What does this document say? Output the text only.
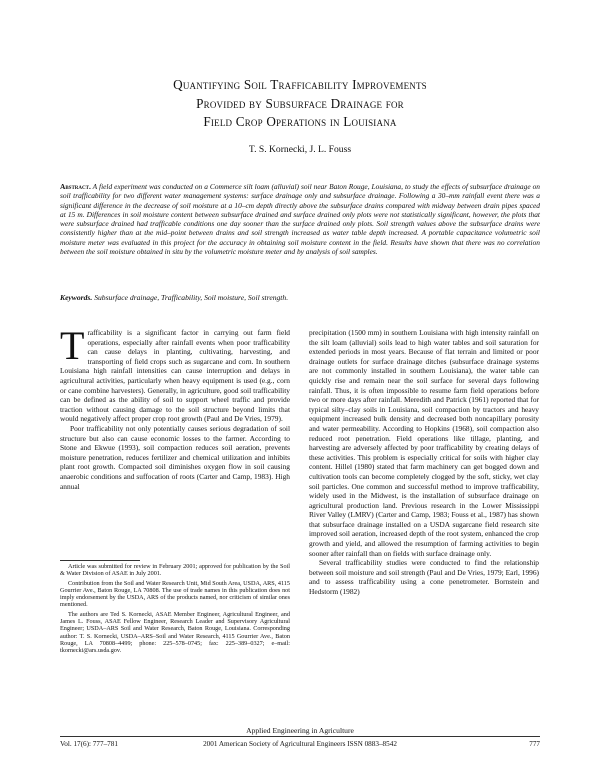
Quantifying Soil Trafficability Improvements
Provided by Subsurface Drainage for
Field Crop Operations in Louisiana
T. S. Kornecki, J. L. Fouss
Abstract. A field experiment was conducted on a Commerce silt loam (alluvial) soil near Baton Rouge, Louisiana, to study the effects of subsurface drainage on soil trafficability for two different water management systems: surface drainage only and subsurface drainage. Following a 30–mm rainfall event there was a significant difference in the decrease of soil moisture at a 10–cm depth directly above the subsurface drains compared with midway between drain pipes spaced at 15 m. Differences in soil moisture content between subsurface drained and surface drained only plots were not statistically significant, however, the plots that were subsurface drained had trafficable conditions one day sooner than the surface drained only plots. Soil strength values above the subsurface drains were consistently higher than at the mid–point between drains and soil strength increased as water table depth increased. A portable capacitance volumetric soil moisture meter was evaluated in this project for the accuracy in obtaining soil moisture content in the field. Results have shown that there was no correlation between the soil moisture obtained in situ by the volumetric moisture meter and by analysis of soil samples.
Keywords. Subsurface drainage, Trafficability, Soil moisture, Soil strength.

Trafficability is a significant factor in carrying out farm field operations, especially after rainfall events when poor trafficability can cause delays in planting, cultivating, harvesting, and transporting of field crops such as sugarcane and corn. In southern Louisiana high rainfall intensities can cause interruption and delays in agricultural activities, particularly when heavy equipment is used (e.g., corn or cane combine harvesters). Generally, in agriculture, good soil trafficability can be defined as the ability of soil to support wheel traffic and provide traction without causing damage to the soil structure beyond limits that would negatively affect proper crop root growth (Paul and De Vries, 1979).

Poor trafficability not only potentially causes serious degradation of soil structure but also can cause economic losses to the farmer. According to Stone and Ekwue (1993), soil compaction reduces soil aeration, prevents moisture penetration, reduces fertilizer and chemical utilization and inhibits plant root growth. Compacted soil diminishes oxygen flow in soil causing anaerobic conditions and suffocation of roots (Carter and Camp, 1983). High annual

precipitation (1500 mm) in southern Louisiana with high intensity rainfall on the silt loam (alluvial) soils lead to high water tables and soil saturation for extended periods in most years. Because of flat terrain and limited or poor drainage outlets for surface drainage ditches (subsurface drainage systems are not commonly installed in southern Louisiana), the water table can quickly rise and remain near the soil surface for several days following rainfall. Thus, it is often impossible to resume farm field operations before two or more days after rainfall. Meredith and Patrick (1961) reported that for typical silty–clay soils in Louisiana, soil compaction by tractors and heavy equipment increased bulk density and decreased both noncapillary porosity and water permeability. According to Hopkins (1968), soil compaction also reduced root penetration. Field operations like tillage, planting, and harvesting are adversely affected by poor trafficability by creating delays of these activities. This problem is especially critical for soils with higher clay content. Hillel (1980) stated that farm machinery can get bogged down and cultivation tools can become completely clogged by the soft, sticky, wet clay soil particles. One common and successful method to improve trafficability, widely used in the Midwest, is the installation of subsurface drainage on agricultural production land. Previous research in the Lower Mississippi River Valley (LMRV) (Carter and Camp, 1983; Fouss et al., 1987) has shown that subsurface drainage installed on a USDA sugarcane field research site improved soil aeration, increased depth of the root system, enhanced the crop growth and yield, and allowed the resumption of farming activities to begin sooner after rainfall than on fields with surface drainage only.

Several trafficability studies were conducted to find the relationship between soil moisture and soil strength (Paul and De Vries, 1979; Earl, 1996) and to assess trafficability using a cone penetrometer. Bornstein and Hedstorm (1982)

Article was submitted for review in February 2001; approved for publication by the Soil & Water Division of ASAE in July 2001.

Contribution from the Soil and Water Research Unit, Mid South Area, USDA, ARS, 4115 Gourrier Ave., Baton Rouge, LA 70808. The use of trade names in this publication does not imply endorsement by the USDA, ARS of the products named, nor criticism of similar ones mentioned.

The authors are Ted S. Kornecki, ASAE Member Engineer, Agricultural Engineer, and James L. Fouss, ASAE Fellow Engineer, Research Leader and Supervisory Agricultural Engineer; USDA–ARS Soil and Water Research, Baton Rouge, Louisiana. Corresponding author: T. S. Kornecki, USDA–ARS–Soil and Water Research, 4115 Gourrier Ave., Baton Rouge, LA 70808–4499; phone: 225–578–0745; fax: 225–389–0327; e–mail: tkornecki@ars.usda.gov.

Applied Engineering in Agriculture
Vol. 17(6): 777–781	2001 American Society of Agricultural Engineers ISSN 0883–8542	777
